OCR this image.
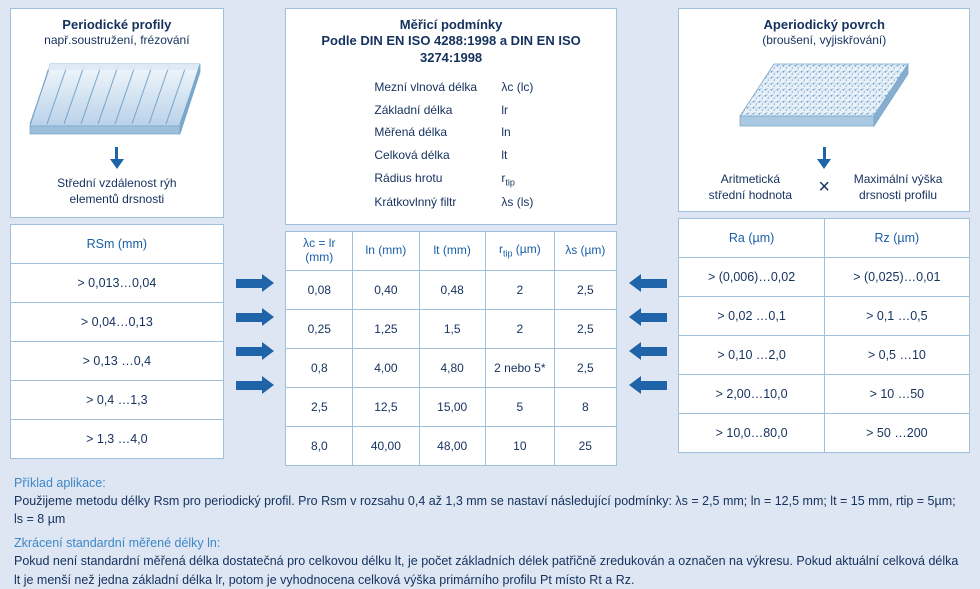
Periodické profily
např.soustružení, frézování
Střední vzdálenost rýh
elementů drsnosti
RSm (mm)
> 0,013…0,04
> 0,04…0,13
> 0,13 …0,4
> 0,4 …1,3
> 1,3 …4,0
Měřicí podmínky
Podle DIN EN ISO 4288:1998 a DIN EN ISO 3274:1998
Mezní vlnová délka	λc (lc)
Základní délka	lr
Měřená délka	ln
Celková délka	lt
Rádius hrotu	$r_{tip}$
Krátkovlnný filtr	λs (ls)
λc = lr (mm)	ln (mm)	lt (mm)	$r_{tip}$ (µm)	λs (µm)
0,08	0,40	0,48	2	2,5
0,25	1,25	1,5	2	2,5
0,8	4,00	4,80	2 nebo 5*	2,5
2,5	12,5	15,00	5	8
8,0	40,00	48,00	10	25
Aperiodický povrch
(broušení, vyjiskřování)
Aritmetická
střední hodnota	×	Maximální výška
drsnosti profilu
Ra (µm)	Rz (µm)
> (0,006)…0,02	> (0,025)…0,01
> 0,02 …0,1	> 0,1 …0,5
> 0,10 …2,0	> 0,5 …10
> 2,00…10,0	> 10 …50
> 10,0…80,0	> 50 …200
Příklad aplikace:
Použijeme metodu délky Rsm pro periodický profil. Pro Rsm v rozsahu 0,4 až 1,3 mm se nastaví následující podmínky: λs = 2,5 mm; ln = 12,5 mm; lt = 15 mm, rtip = 5µm; ls = 8 µm
Zkrácení standardní měřené délky ln:
Pokud není standardní měřená délka dostatečná pro celkovou délku lt, je počet základních délek patřičně zredukován a označen na výkresu. Pokud aktuální celková délka lt je menší než jedna základní délka lr, potom je vyhodnocena celková výška primárního profilu Pt místo Rt a Rz.
